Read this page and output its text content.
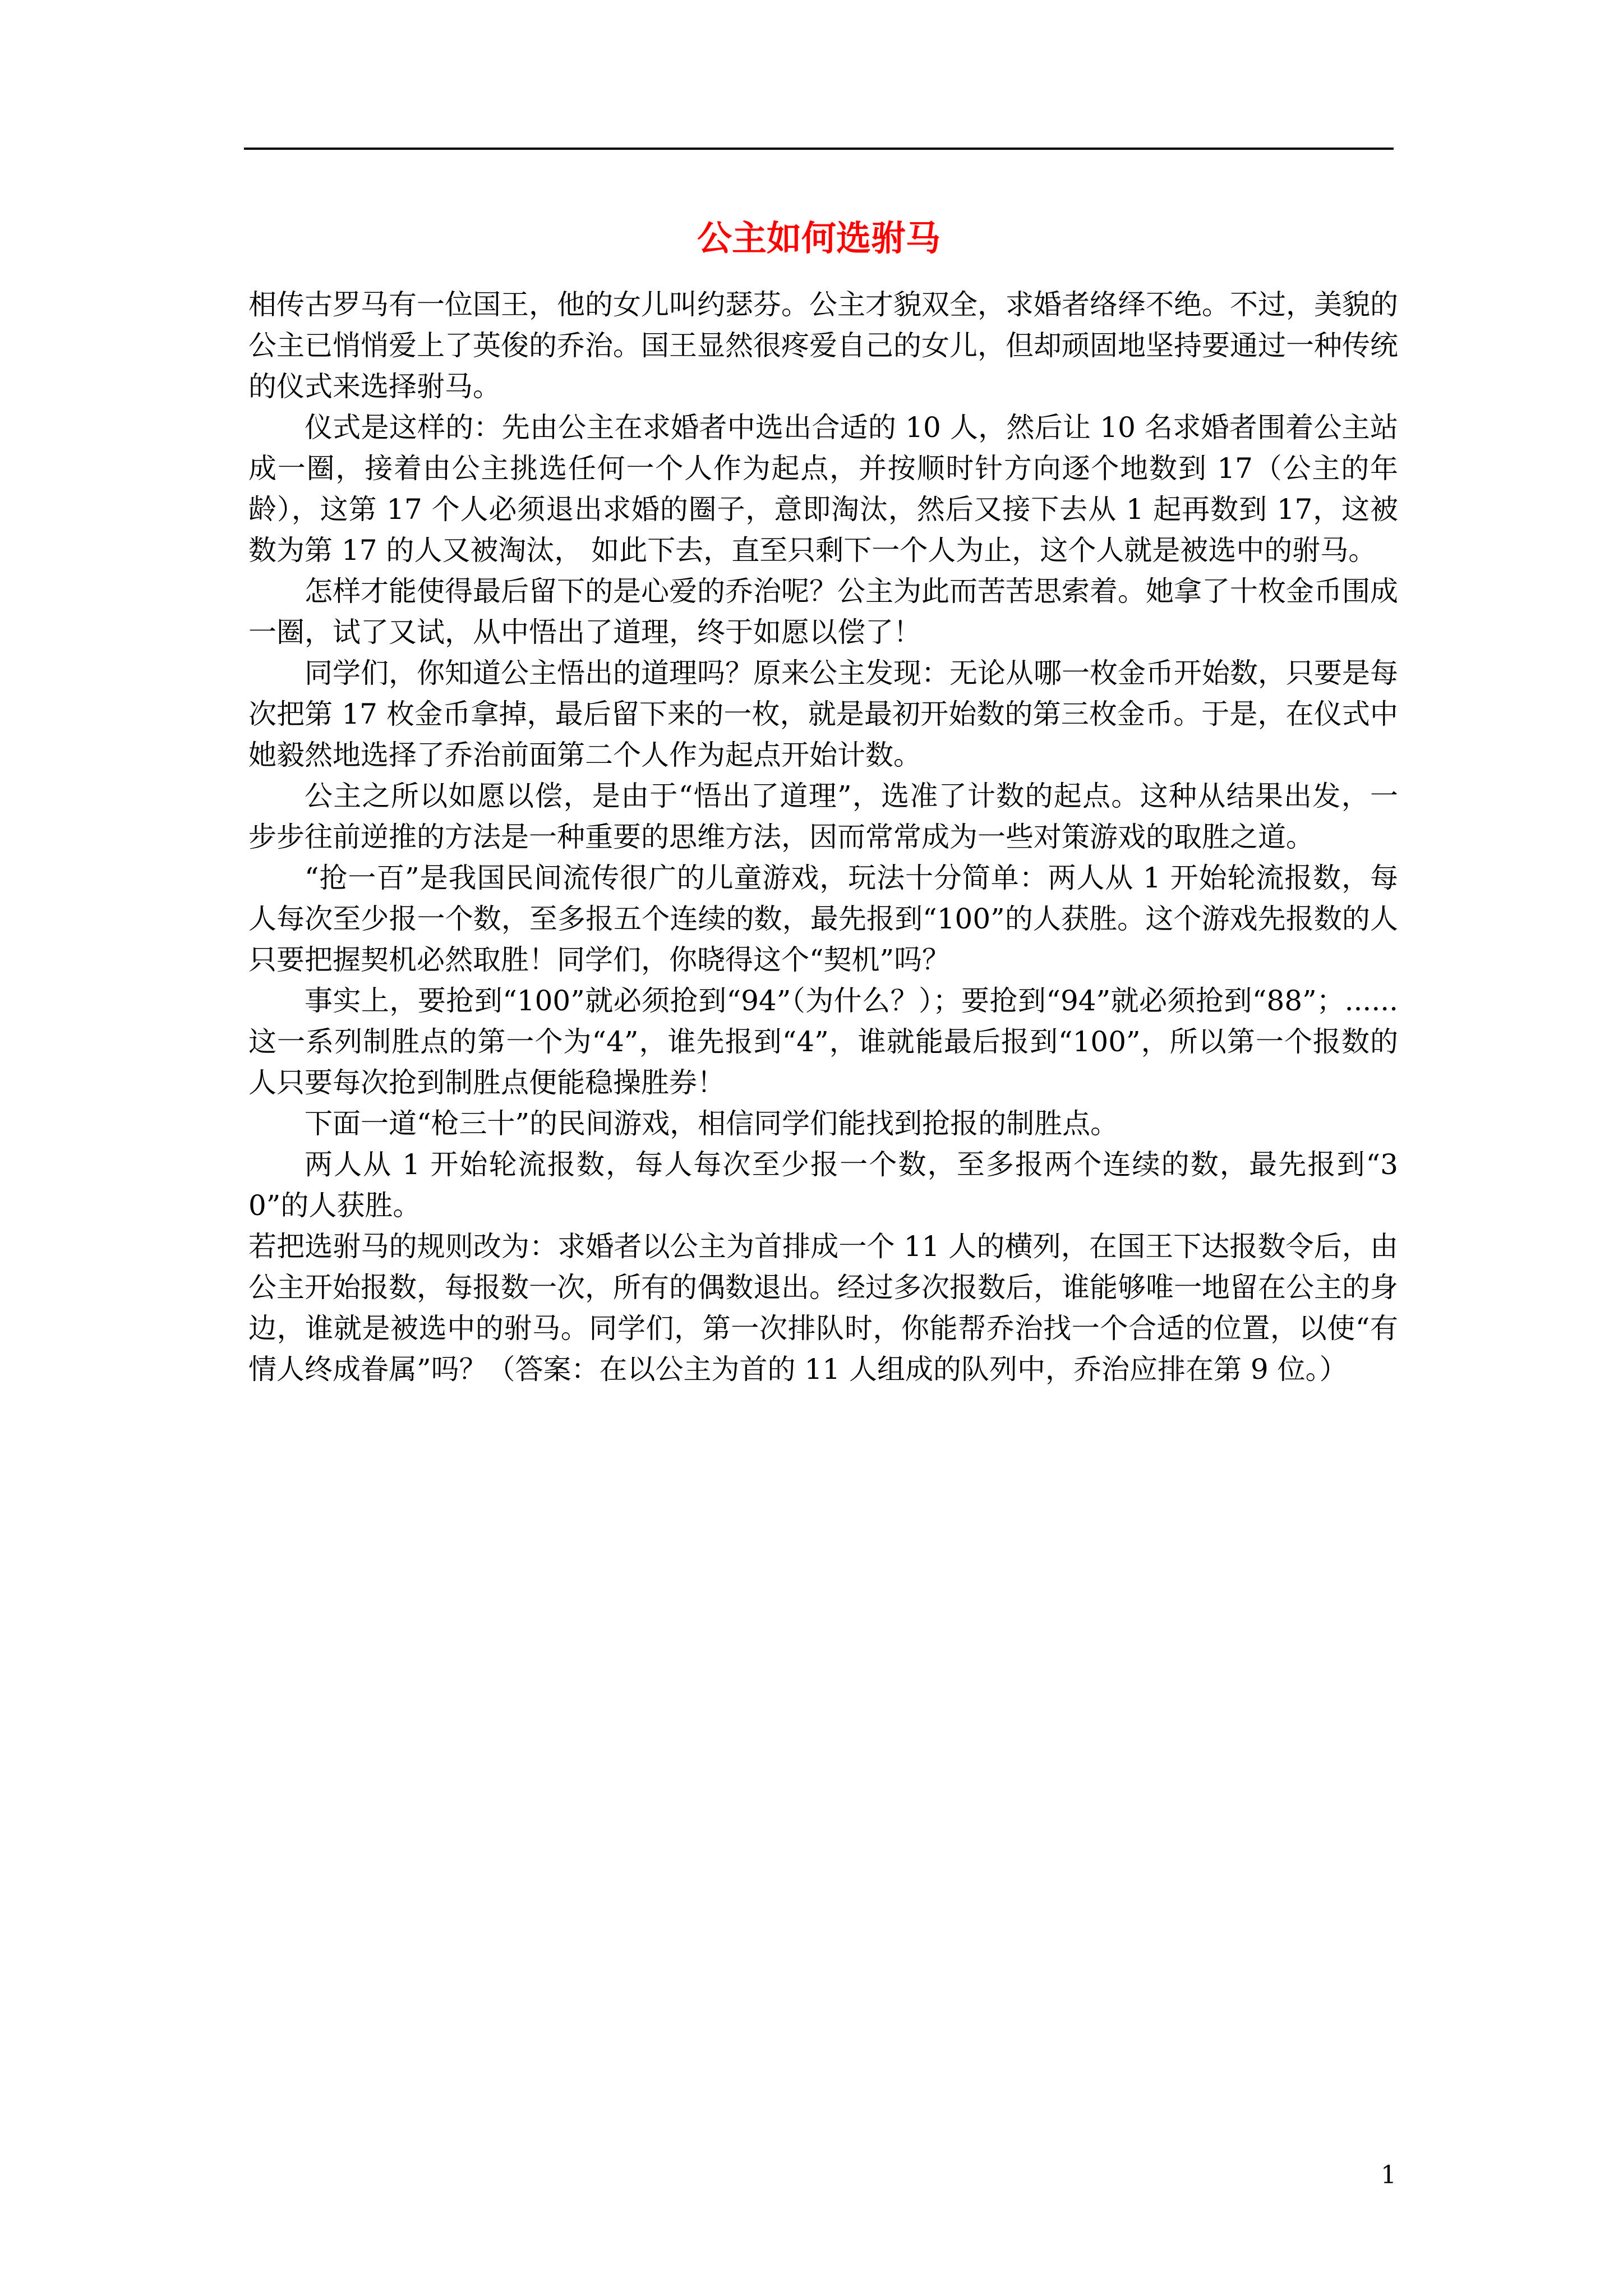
公主如何选驸马

相传古罗马有一位国王，他的女儿叫约瑟芬。公主才貌双全，求婚者络绎不绝。不过，美貌的公主已悄悄爱上了英俊的乔治。国王显然很疼爱自己的女儿，但却顽固地坚持要通过一种传统的仪式来选择驸马。

仪式是这样的：先由公主在求婚者中选出合适的 10 人，然后让 10 名求婚者围着公主站成一圈，接着由公主挑选任何一个人作为起点，并按顺时针方向逐个地数到 17（公主的年龄），这第 17 个人必须退出求婚的圈子，意即淘汰，然后又接下去从 1 起再数到 17，这被数为第 17 的人又被淘汰， 如此下去，直至只剩下一个人为止，这个人就是被选中的驸马。

怎样才能使得最后留下的是心爱的乔治呢？公主为此而苦苦思索着。她拿了十枚金币围成一圈，试了又试，从中悟出了道理，终于如愿以偿了！

同学们，你知道公主悟出的道理吗？原来公主发现：无论从哪一枚金币开始数，只要是每次把第 17 枚金币拿掉，最后留下来的一枚，就是最初开始数的第三枚金币。于是，在仪式中她毅然地选择了乔治前面第二个人作为起点开始计数。

公主之所以如愿以偿，是由于“悟出了道理”，选准了计数的起点。这种从结果出发，一步步往前逆推的方法是一种重要的思维方法，因而常常成为一些对策游戏的取胜之道。

“抢一百”是我国民间流传很广的儿童游戏，玩法十分简单：两人从 1 开始轮流报数，每人每次至少报一个数，至多报五个连续的数，最先报到“100”的人获胜。这个游戏先报数的人只要把握契机必然取胜！同学们，你晓得这个“契机”吗？

事实上，要抢到“100”就必须抢到“94”（为什么？）；要抢到“94”就必须抢到“88”；......这一系列制胜点的第一个为“4”，谁先报到“4”，谁就能最后报到“100”，所以第一个报数的人只要每次抢到制胜点便能稳操胜券！

下面一道“枪三十”的民间游戏，相信同学们能找到抢报的制胜点。

两人从 1 开始轮流报数，每人每次至少报一个数，至多报两个连续的数，最先报到“30”的人获胜。

若把选驸马的规则改为：求婚者以公主为首排成一个 11 人的横列，在国王下达报数令后，由公主开始报数，每报数一次，所有的偶数退出。经过多次报数后，谁能够唯一地留在公主的身边，谁就是被选中的驸马。同学们，第一次排队时，你能帮乔治找一个合适的位置，以使“有情人终成眷属”吗？（答案：在以公主为首的 11 人组成的队列中，乔治应排在第 9 位。）

1
